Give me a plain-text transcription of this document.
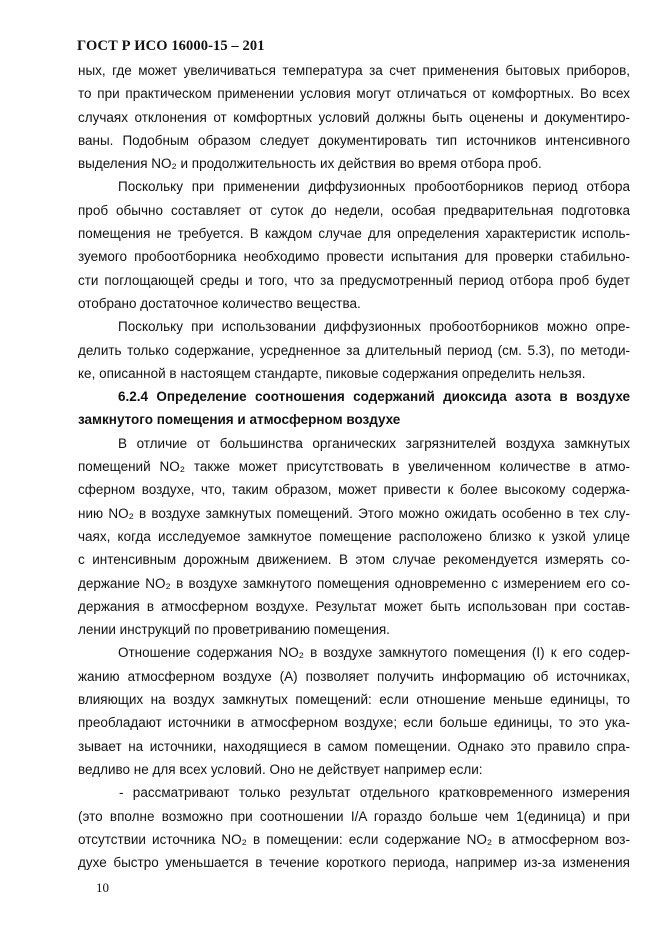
ГОСТ Р ИСО 16000-15 – 201
ных, где может увеличиваться температура за счет применения бытовых приборов,
то при практическом применении условия могут отличаться от комфортных. Во всех
случаях отклонения от комфортных условий должны быть оценены и документиро-
ваны. Подобным образом следует документировать тип источников интенсивного
выделения NO₂ и продолжительность их действия во время отбора проб.
Поскольку при применении диффузионных пробоотборников период отбора
проб обычно составляет от суток до недели, особая предварительная подготовка
помещения не требуется. В каждом случае для определения характеристик исполь-
зуемого пробоотборника необходимо провести испытания для проверки стабильно-
сти поглощающей среды и того, что за предусмотренный период отбора проб будет
отобрано достаточное количество вещества.
Поскольку при использовании диффузионных пробоотборников можно опре-
делить только содержание, усредненное за длительный период (см. 5.3), по методи-
ке, описанной в настоящем стандарте, пиковые содержания определить нельзя.
6.2.4 Определение соотношения содержаний диоксида азота в воздухе
замкнутого помещения и атмосферном воздухе
В отличие от большинства органических загрязнителей воздуха замкнутых
помещений NO₂ также может присутствовать в увеличенном количестве в атмо-
сферном воздухе, что, таким образом, может привести к более высокому содержа-
нию NO₂ в воздухе замкнутых помещений. Этого можно ожидать особенно в тех слу-
чаях, когда исследуемое замкнутое помещение расположено близко к узкой улице
с интенсивным дорожным движением. В этом случае рекомендуется измерять со-
держание NO₂ в воздухе замкнутого помещения одновременно с измерением его со-
держания в атмосферном воздухе. Результат может быть использован при состав-
лении инструкций по проветриванию помещения.
Отношение содержания NO₂ в воздухе замкнутого помещения (I) к его содер-
жанию атмосферном воздухе (A) позволяет получить информацию об источниках,
влияющих на воздух замкнутых помещений: если отношение меньше единицы, то
преобладают источники в атмосферном воздухе; если больше единицы, то это ука-
зывает на источники, находящиеся в самом помещении. Однако это правило спра-
ведливо не для всех условий. Оно не действует например если:
- рассматривают только результат отдельного кратковременного измерения
(это вполне возможно при соотношении I/A гораздо больше чем 1(единица) и при
отсутствии источника NO₂ в помещении: если содержание NO₂ в атмосферном воз-
духе быстро уменьшается в течение короткого периода, например из-за изменения
10
